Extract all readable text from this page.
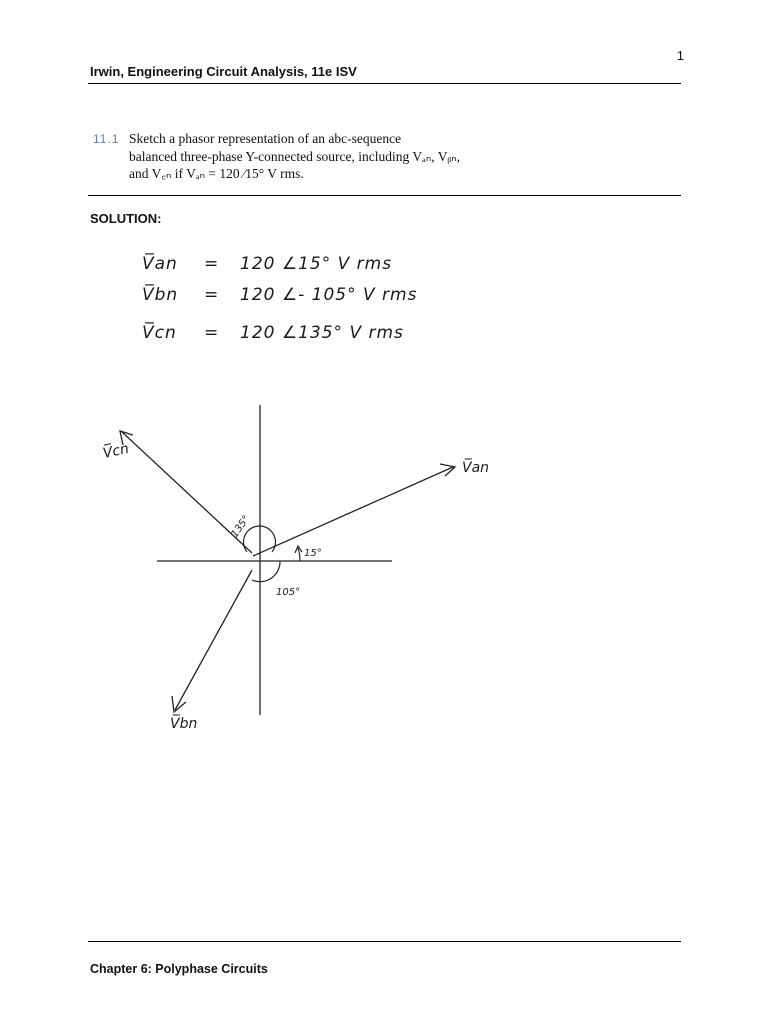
1
Irwin, Engineering Circuit Analysis, 11e ISV
11.1 Sketch a phasor representation of an abc-sequence
balanced three-phase Y-connected source, including Vₐₙ, Vᵦₙ,
and V꜀ₙ if Vₐₙ = 120 ∕15° V rms.
SOLUTION:
V̅an = 120 ∠15° V rms
V̅bn = 120 ∠- 105° V rms
V̅cn = 120 ∠135° V rms
V̅an
V̅cn
V̅bn
15°
135°
105°
Chapter 6: Polyphase Circuits
